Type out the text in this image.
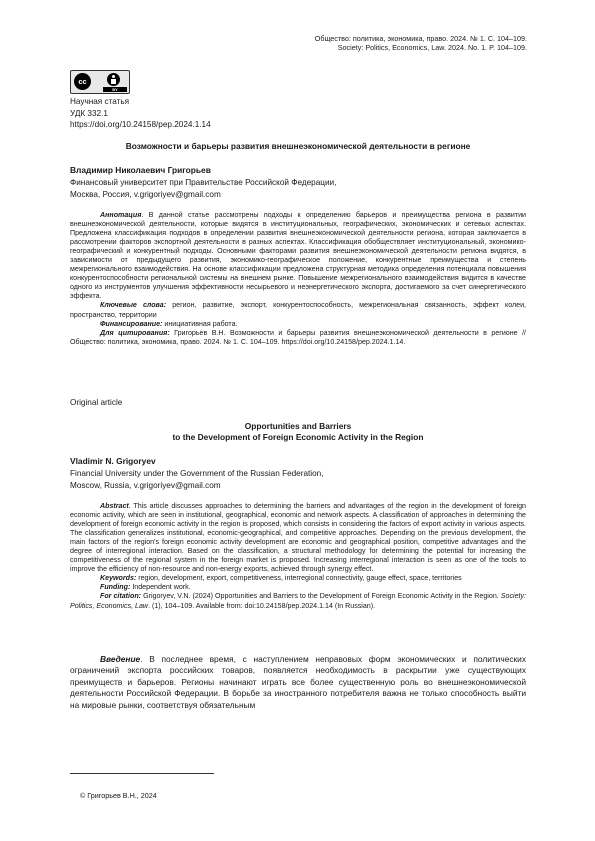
Общество: политика, экономика, право. 2024. № 1. С. 104–109.
Society: Politics, Economics, Law. 2024. No. 1. P. 104–109.
cc
BY
Научная статья
УДК 332.1
https://doi.org/10.24158/pep.2024.1.14
Возможности и барьеры развития внешнеэкономической деятельности в регионе
Владимир Николаевич Григорьев
Финансовый университет при Правительстве Российской Федерации,
Москва, Россия, v.grigoriyev@gmail.com

Аннотация. В данной статье рассмотрены подходы к определению барьеров и преимущества региона в развитии внешнеэкономической деятельности, которые видятся в институциональных, географических, экономических и сетевых аспектах. Предложена классификация подходов в определении развития внешнеэкономической деятельности региона, которая заключается в рассмотрении факторов экспортной деятельности в разных аспектах. Классификация обобществляет институциональный, экономико-географический и конкурентный подходы. Основными факторами развития внешнеэкономической деятельности региона видятся, в зависимости от предыдущего развития, экономико-географическое положение, конкурентные преимущества и степень межрегионального взаимодействия. На основе классификации предложена структурная методика определения потенциала повышения конкурентоспособности региональной системы на внешнем рынке. Повышение межрегионального взаимодействия видится в качестве одного из инструментов улучшения эффективности несырьевого и неэнергетического экспорта, достигаемого за счет синергетического эффекта.

Ключевые слова: регион, развитие, экспорт, конкурентоспособность, межрегиональная связанность, эффект колеи, пространство, территории

Финансирование: инициативная работа.

Для цитирования: Григорьев В.Н. Возможности и барьеры развития внешнеэкономической деятельности в регионе // Общество: политика, экономика, право. 2024. № 1. С. 104–109. https://doi.org/10.24158/pep.2024.1.14.

Original article
Opportunities and Barriers
to the Development of Foreign Economic Activity in the Region
Vladimir N. Grigoryev
Financial University under the Government of the Russian Federation,
Moscow, Russia, v.grigoriyev@gmail.com

Abstract. This article discusses approaches to determining the barriers and advantages of the region in the development of foreign economic activity, which are seen in institutional, geographical, economic and network aspects. A classification of approaches in determining the development of foreign economic activity in the region is proposed, which consists in considering the factors of export activity in various aspects. The classification generalizes institutional, economic-geographical, and competitive approaches. Depending on the previous development, the main factors of the region's foreign economic activity development are economic and geographical position, competitive advantages and the degree of interregional interaction. Based on the classification, a structural methodology for determining the potential for increasing the competitiveness of the regional system in the foreign market is proposed. Increasing interregional interaction is seen as one of the tools to improve the efficiency of non-resource and non-energy exports, achieved through synergy effect.

Keywords: region, development, export, competitiveness, interregional connectivity, gauge effect, space, territories

Funding: Independent work.

For citation: Grigoryev, V.N. (2024) Opportunities and Barriers to the Development of Foreign Economic Activity in the Region. Society: Politics, Economics, Law. (1), 104–109. Available from: doi:10.24158/pep.2024.1.14 (In Russian).

Введение. В последнее время, с наступлением неправовых форм экономических и политических ограничений экспорта российских товаров, появляется необходимость в раскрытии уже существующих преимуществ и барьеров. Регионы начинают играть все более существенную роль во внешнеэкономической деятельности Российской Федерации. В борьбе за иностранного потребителя важна не только способность выйти на мировые рынки, соответствуя обязательным

© Григорьев В.Н., 2024
